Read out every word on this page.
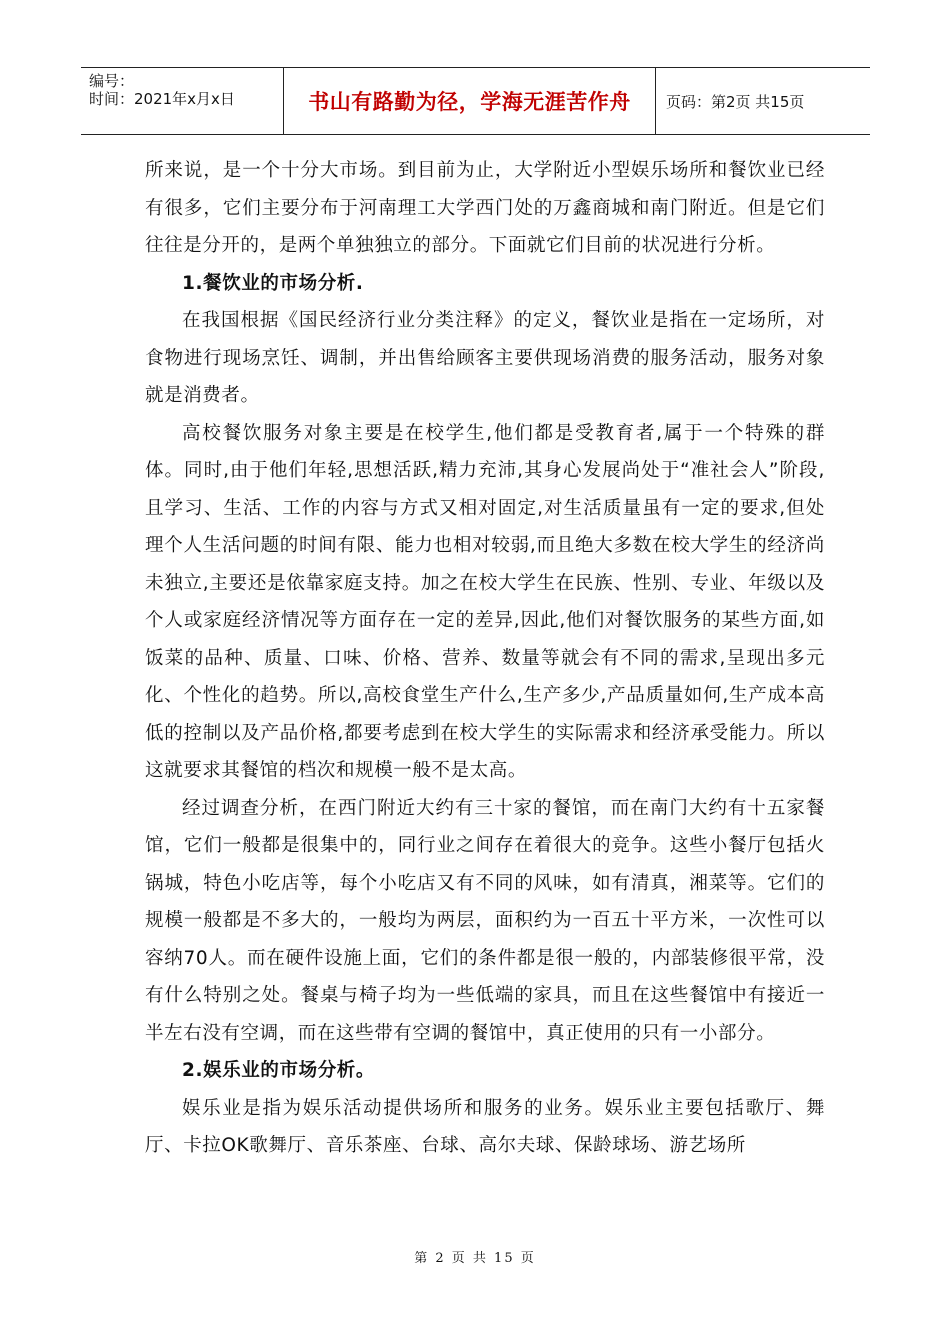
编号：
时间：2021年x月x日	书山有路勤为径，学海无涯苦作舟 页码：第2页 共15页

所来说，是一个十分大市场。到目前为止，大学附近小型娱乐场所和餐饮业已经有很多，它们主要分布于河南理工大学西门处的万鑫商城和南门附近。但是它们往往是分开的，是两个单独独立的部分。下面就它们目前的状况进行分析。

1.餐饮业的市场分析.

在我国根据《国民经济行业分类注释》的定义，餐饮业是指在一定场所，对食物进行现场烹饪、调制，并出售给顾客主要供现场消费的服务活动，服务对象就是消费者。

高校餐饮服务对象主要是在校学生,他们都是受教育者,属于一个特殊的群体。同时,由于他们年轻,思想活跃,精力充沛,其身心发展尚处于“准社会人”阶段,且学习、生活、工作的内容与方式又相对固定,对生活质量虽有一定的要求,但处理个人生活问题的时间有限、能力也相对较弱,而且绝大多数在校大学生的经济尚未独立,主要还是依靠家庭支持。加之在校大学生在民族、性别、专业、年级以及个人或家庭经济情况等方面存在一定的差异,因此,他们对餐饮服务的某些方面,如饭菜的品种、质量、口味、价格、营养、数量等就会有不同的需求,呈现出多元化、个性化的趋势。所以,高校食堂生产什么,生产多少,产品质量如何,生产成本高低的控制以及产品价格,都要考虑到在校大学生的实际需求和经济承受能力。所以这就要求其餐馆的档次和规模一般不是太高。

经过调查分析，在西门附近大约有三十家的餐馆，而在南门大约有十五家餐馆，它们一般都是很集中的，同行业之间存在着很大的竞争。这些小餐厅包括火锅城，特色小吃店等，每个小吃店又有不同的风味，如有清真，湘菜等。它们的规模一般都是不多大的，一般均为两层，面积约为一百五十平方米，一次性可以容纳70人。而在硬件设施上面，它们的条件都是很一般的，内部装修很平常，没有什么特别之处。餐桌与椅子均为一些低端的家具，而且在这些餐馆中有接近一半左右没有空调，而在这些带有空调的餐馆中，真正使用的只有一小部分。

2.娱乐业的市场分析。

娱乐业是指为娱乐活动提供场所和服务的业务。娱乐业主要包括歌厅、舞厅、卡拉OK歌舞厅、音乐茶座、台球、高尔夫球、保龄球场、游艺场所

第 2 页 共 15 页
